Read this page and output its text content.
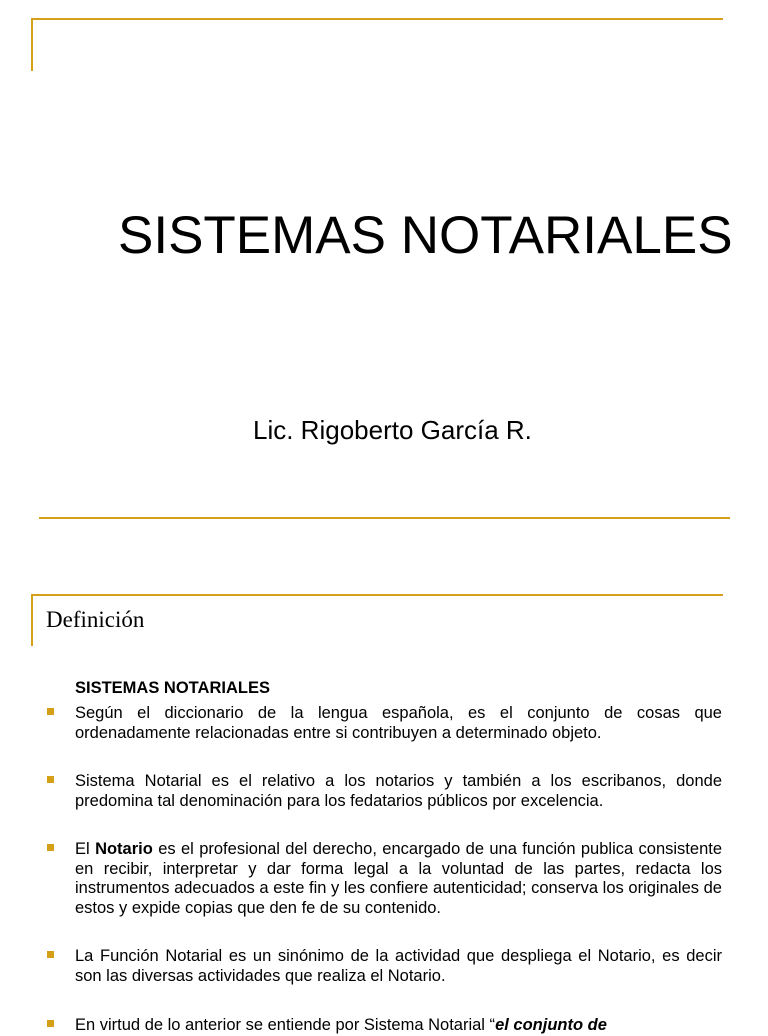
SISTEMAS NOTARIALES
Lic. Rigoberto García R.
Definición
SISTEMAS NOTARIALES
Según el diccionario de la lengua española, es el conjunto de cosas que ordenadamente relacionadas entre si contribuyen a determinado objeto.
Sistema Notarial es el relativo a los notarios y también a los escribanos, donde predomina tal denominación para los fedatarios públicos por excelencia.
El Notario es el profesional del derecho, encargado de una función publica consistente en recibir, interpretar y dar forma legal a la voluntad de las partes, redacta los instrumentos adecuados a este fin y les confiere autenticidad; conserva los originales de estos y expide copias que den fe de su contenido.
La Función Notarial es un sinónimo de la actividad que despliega el Notario, es decir son las diversas actividades que realiza el Notario.
En virtud de lo anterior se entiende por Sistema Notarial “el conjunto de
